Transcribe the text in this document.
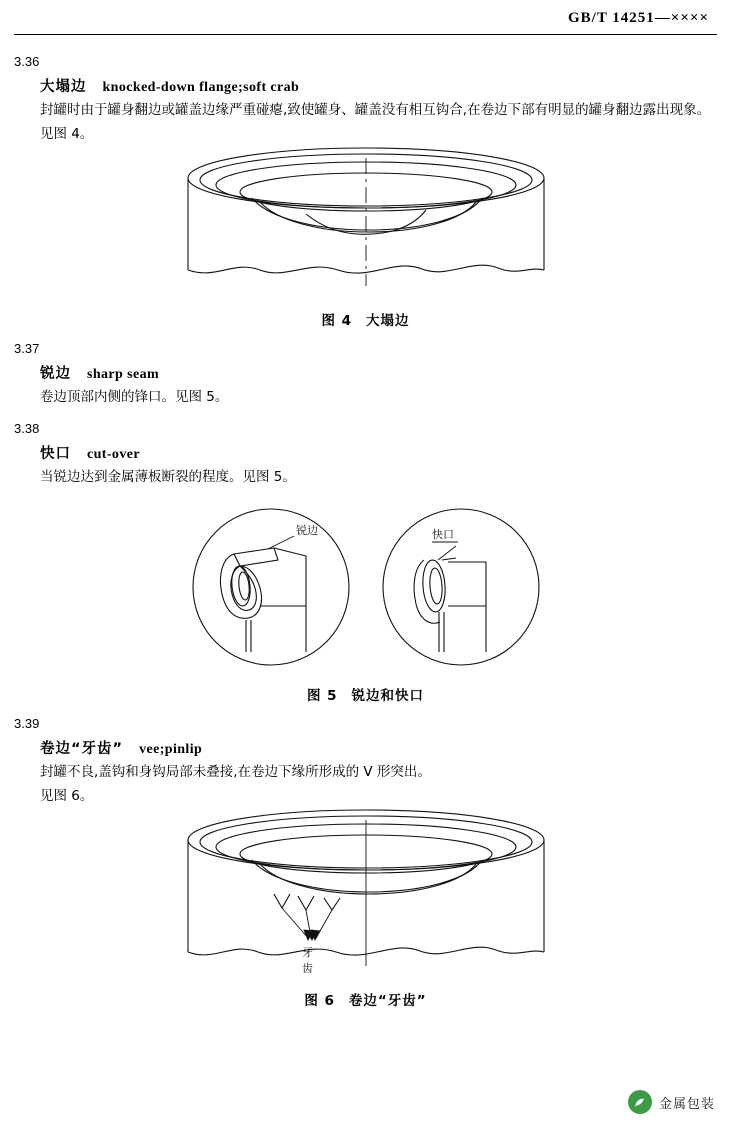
GB/T 14251—××××
3.36
大塌边 knocked-down flange;soft crab

封罐时由于罐身翻边或罐盖边缘严重碰瘪,致使罐身、罐盖没有相互钩合,在卷边下部有明显的罐身翻边露出现象。

见图 4。

图 4 大塌边
3.37
锐边 sharp seam

卷边顶部内侧的锋口。见图 5。

3.38
快口 cut-over

当锐边达到金属薄板断裂的程度。见图 5。

锐边	快口
图 5 锐边和快口
3.39
卷边“牙齿” vee;pinlip

封罐不良,盖钩和身钩局部未叠接,在卷边下缘所形成的 V 形突出。

见图 6。

牙
齿
图 6 卷边“牙齿”
金属包装
